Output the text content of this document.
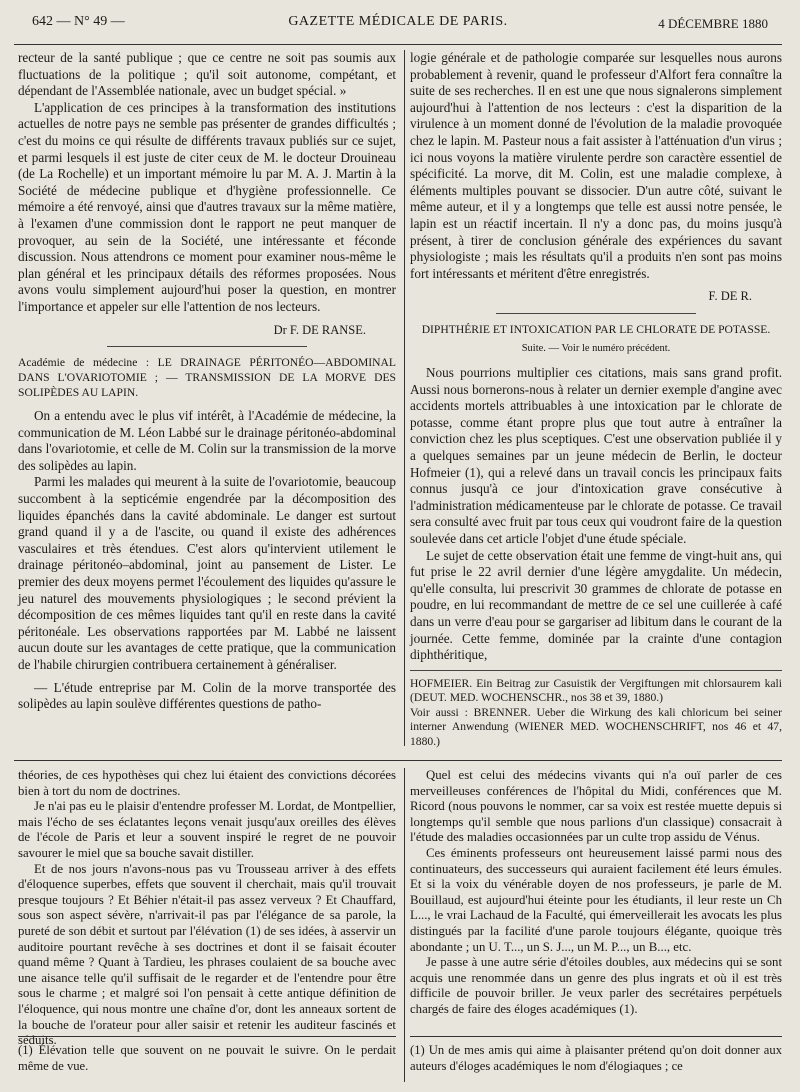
642 — N° 49 —	GAZETTE MÉDICALE DE PARIS.	4 DÉCEMBRE 1880

recteur de la santé publique ; que ce centre ne soit pas soumis aux fluctuations de la politique ; qu'il soit autonome, compétant, et dépendant de l'Assemblée nationale, avec un budget spécial. »

L'application de ces principes à la transformation des institutions actuelles de notre pays ne semble pas présenter de grandes difficultés ; c'est du moins ce qui résulte de différents travaux publiés sur ce sujet, et parmi lesquels il est juste de citer ceux de M. le docteur Drouineau (de La Rochelle) et un important mémoire lu par M. A. J. Martin à la Société de médecine publique et d'hygiène professionnelle. Ce mémoire a été renvoyé, ainsi que d'autres travaux sur la même matière, à l'examen d'une commission dont le rapport ne peut manquer de provoquer, au sein de la Société, une intéressante et féconde discussion. Nous attendrons ce moment pour examiner nous-même le plan général et les principaux détails des réformes proposées. Nous avons voulu simplement aujourd'hui poser la question, en montrer l'importance et appeler sur elle l'attention de nos lecteurs.

Dr F. DE RANSE.

Académie de médecine : LE DRAINAGE PÉRITONÉO—ABDOMINAL DANS L'OVARIOTOMIE ; — TRANSMISSION DE LA MORVE DES SOLIPÈDES AU LAPIN.

On a entendu avec le plus vif intérêt, à l'Académie de médecine, la communication de M. Léon Labbé sur le drainage péritonéo-abdominal dans l'ovariotomie, et celle de M. Colin sur la transmission de la morve des solipèdes au lapin.

Parmi les malades qui meurent à la suite de l'ovariotomie, beaucoup succombent à la septicémie engendrée par la décomposition des liquides épanchés dans la cavité abdominale. Le danger est surtout grand quand il y a de l'ascite, ou quand il existe des adhérences vasculaires et très étendues. C'est alors qu'intervient utilement le drainage péritonéo–abdominal, joint au pansement de Lister. Le premier des deux moyens permet l'écoulement des liquides qu'assure le jeu naturel des mouvements physiologiques ; le second prévient la décomposition de ces mêmes liquides tant qu'il en reste dans la cavité péritonéale. Les observations rapportées par M. Labbé ne laissent aucun doute sur les avantages de cette pratique, que la communication de l'habile chirurgien contribuera certainement à généraliser.

— L'étude entreprise par M. Colin de la morve transportée des solipèdes au lapin soulève différentes questions de patho-

logie générale et de pathologie comparée sur lesquelles nous aurons probablement à revenir, quand le professeur d'Alfort fera connaître la suite de ses recherches. Il en est une que nous signalerons simplement aujourd'hui à l'attention de nos lecteurs : c'est la disparition de la virulence à un moment donné de l'évolution de la maladie provoquée chez le lapin. M. Pasteur nous a fait assister à l'atténuation d'un virus ; ici nous voyons la matière virulente perdre son caractère essentiel de spécificité. La morve, dit M. Colin, est une maladie complexe, à éléments multiples pouvant se dissocier. D'un autre côté, suivant le même auteur, et il y a longtemps que telle est aussi notre pensée, le lapin est un réactif incertain. Il n'y a donc pas, du moins jusqu'à présent, à tirer de conclusion générale des expériences du savant physiologiste ; mais les résultats qu'il a produits n'en sont pas moins fort intéressants et méritent d'être enregistrés.

F. DE R.

DIPHTHÉRIE ET INTOXICATION PAR LE CHLORATE DE POTASSE.

Suite. — Voir le numéro précédent.

Nous pourrions multiplier ces citations, mais sans grand profit. Aussi nous bornerons-nous à relater un dernier exemple d'angine avec accidents mortels attribuables à une intoxication par le chlorate de potasse, comme étant propre plus que tout autre à entraîner la conviction chez les plus sceptiques. C'est une observation publiée il y a quelques semaines par un jeune médecin de Berlin, le docteur Hofmeier (1), qui a relevé dans un travail concis les principaux faits connus jusqu'à ce jour d'intoxication grave consécutive à l'administration médicamenteuse par le chlorate de potasse. Ce travail sera consulté avec fruit par tous ceux qui voudront faire de la question soulevée dans cet article l'objet d'une étude spéciale.

Le sujet de cette observation était une femme de vingt-huit ans, qui fut prise le 22 avril dernier d'une légère amygdalite. Un médecin, qu'elle consulta, lui prescrivit 30 grammes de chlorate de potasse en poudre, en lui recommandant de mettre de ce sel une cuillerée à café dans un verre d'eau pour se gargariser ad libitum dans le courant de la journée. Cette femme, dominée par la crainte d'une contagion diphthéritique,

HOFMEIER. Ein Beitrag zur Casuistik der Vergiftungen mit chlorsaurem kali (DEUT. MED. WOCHENSCHR., nos 38 et 39, 1880.)

Voir aussi : BRENNER. Ueber die Wirkung des kali chloricum bei seiner interner Anwendung (WIENER MED. WOCHENSCHRIFT, nos 46 et 47, 1880.)

théories, de ces hypothèses qui chez lui étaient des convictions décorées bien à tort du nom de doctrines.

Je n'ai pas eu le plaisir d'entendre professer M. Lordat, de Montpellier, mais l'écho de ses éclatantes leçons venait jusqu'aux oreilles des élèves de l'école de Paris et leur a souvent inspiré le regret de ne pouvoir savourer le miel que sa bouche savait distiller.

Et de nos jours n'avons-nous pas vu Trousseau arriver à des effets d'éloquence superbes, effets que souvent il cherchait, mais qu'il trouvait presque toujours ? Et Béhier n'était-il pas assez verveux ? Et Chauffard, sous son aspect sévère, n'arrivait-il pas par l'élégance de sa parole, la pureté de son débit et surtout par l'élévation (1) de ses idées, à asservir un auditoire pourtant revêche à ses doctrines et dont il se faisait écouter quand même ? Quant à Tardieu, les phrases coulaient de sa bouche avec une aisance telle qu'il suffisait de le regarder et de l'entendre pour être sous le charme ; et malgré soi l'on pensait à cette antique définition de l'éloquence, qui nous montre une chaîne d'or, dont les anneaux sortent de la bouche de l'orateur pour aller saisir et retenir les auditeur fascinés et séduits.

Quel est celui des médecins vivants qui n'a ouï parler de ces merveilleuses conférences de l'hôpital du Midi, conférences que M. Ricord (nous pouvons le nommer, car sa voix est restée muette depuis si longtemps qu'il semble que nous parlions d'un classique) consacrait à l'étude des maladies occasionnées par un culte trop assidu de Vénus.

Ces éminents professeurs ont heureusement laissé parmi nous des continuateurs, des successeurs qui auraient facilement été leurs émules. Et si la voix du vénérable doyen de nos professeurs, je parle de M. Bouillaud, est aujourd'hui éteinte pour les étudiants, il leur reste un Ch L..., le vrai Lachaud de la Faculté, qui émerveillerait les avocats les plus distingués par la facilité d'une parole toujours élégante, quoique très abondante ; un U. T..., un S. J..., un M. P..., un B..., etc.

Je passe à une autre série d'étoiles doubles, aux médecins qui se sont acquis une renommée dans un genre des plus ingrats et où il est très difficile de pouvoir briller. Je veux parler des secrétaires perpétuels chargés de faire des éloges académiques (1).

(1) Élévation telle que souvent on ne pouvait le suivre. On le perdait même de vue.
(1) Un de mes amis qui aime à plaisanter prétend qu'on doit donner aux auteurs d'éloges académiques le nom d'élogiaques ; ce
